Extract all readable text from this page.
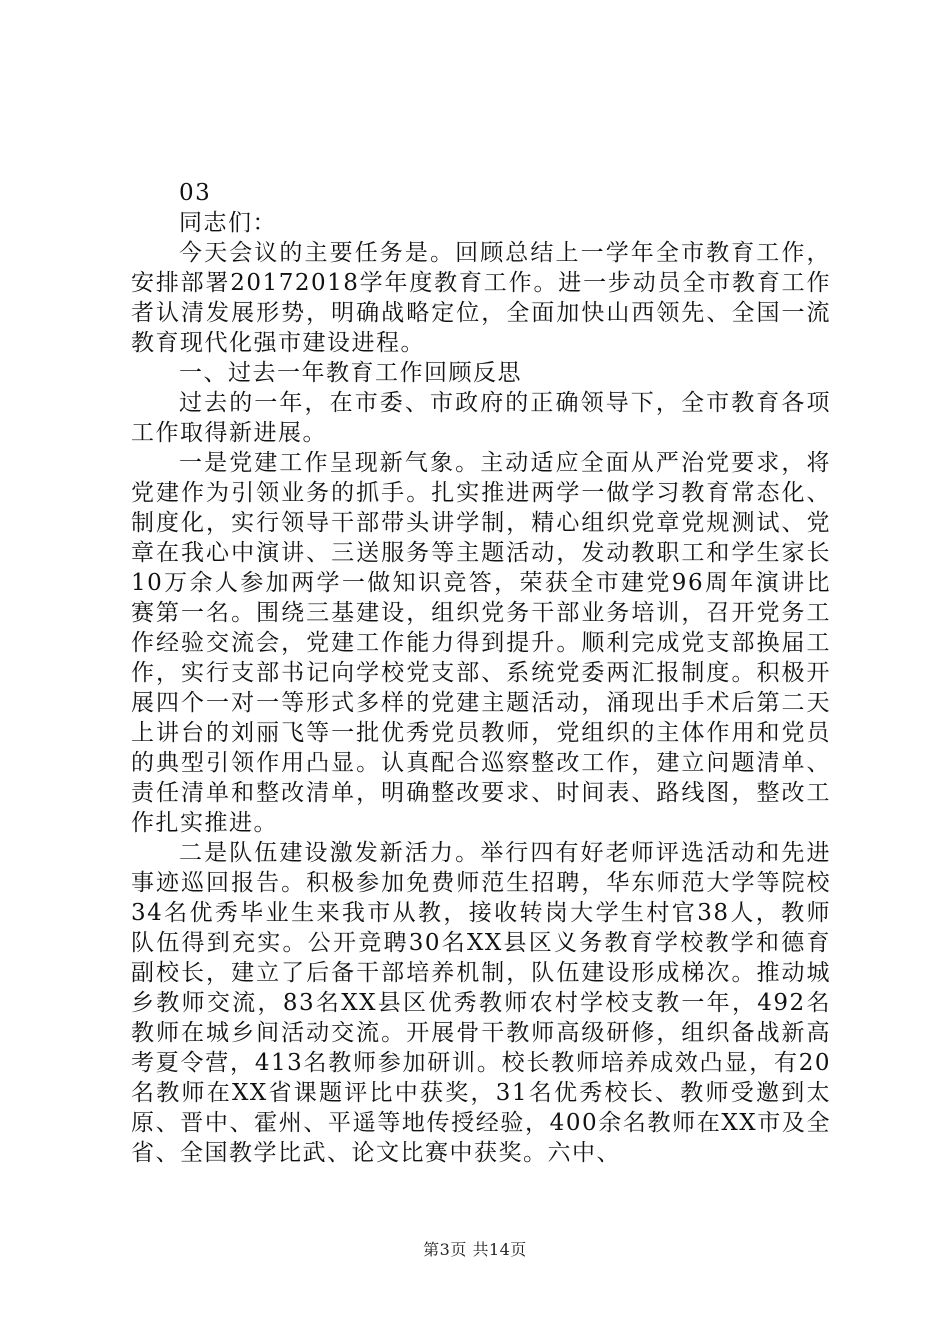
03

同志们：

今天会议的主要任务是。回顾总结上一学年全市教育工作，安排部署20172018学年度教育工作。进一步动员全市教育工作者认清发展形势，明确战略定位，全面加快山西领先、全国一流教育现代化强市建设进程。

一、过去一年教育工作回顾反思

过去的一年，在市委、市政府的正确领导下，全市教育各项工作取得新进展。

一是党建工作呈现新气象。主动适应全面从严治党要求，将党建作为引领业务的抓手。扎实推进两学一做学习教育常态化、制度化，实行领导干部带头讲学制，精心组织党章党规测试、党章在我心中演讲、三送服务等主题活动，发动教职工和学生家长10万余人参加两学一做知识竞答，荣获全市建党96周年演讲比赛第一名。围绕三基建设，组织党务干部业务培训，召开党务工作经验交流会，党建工作能力得到提升。顺利完成党支部换届工作，实行支部书记向学校党支部、系统党委两汇报制度。积极开展四个一对一等形式多样的党建主题活动，涌现出手术后第二天上讲台的刘丽飞等一批优秀党员教师，党组织的主体作用和党员的典型引领作用凸显。认真配合巡察整改工作，建立问题清单、责任清单和整改清单，明确整改要求、时间表、路线图，整改工作扎实推进。

二是队伍建设激发新活力。举行四有好老师评选活动和先进事迹巡回报告。积极参加免费师范生招聘，华东师范大学等院校34名优秀毕业生来我市从教，接收转岗大学生村官38人，教师队伍得到充实。公开竞聘30名XX县区义务教育学校教学和德育副校长，建立了后备干部培养机制，队伍建设形成梯次。推动城乡教师交流，83名XX县区优秀教师农村学校支教一年，492名教师在城乡间活动交流。开展骨干教师高级研修，组织备战新高考夏令营，413名教师参加研训。校长教师培养成效凸显，有20名教师在XX省课题评比中获奖，31名优秀校长、教师受邀到太原、晋中、霍州、平遥等地传授经验，400余名教师在XX市及全省、全国教学比武、论文比赛中获奖。六中、

第3页 共14页
